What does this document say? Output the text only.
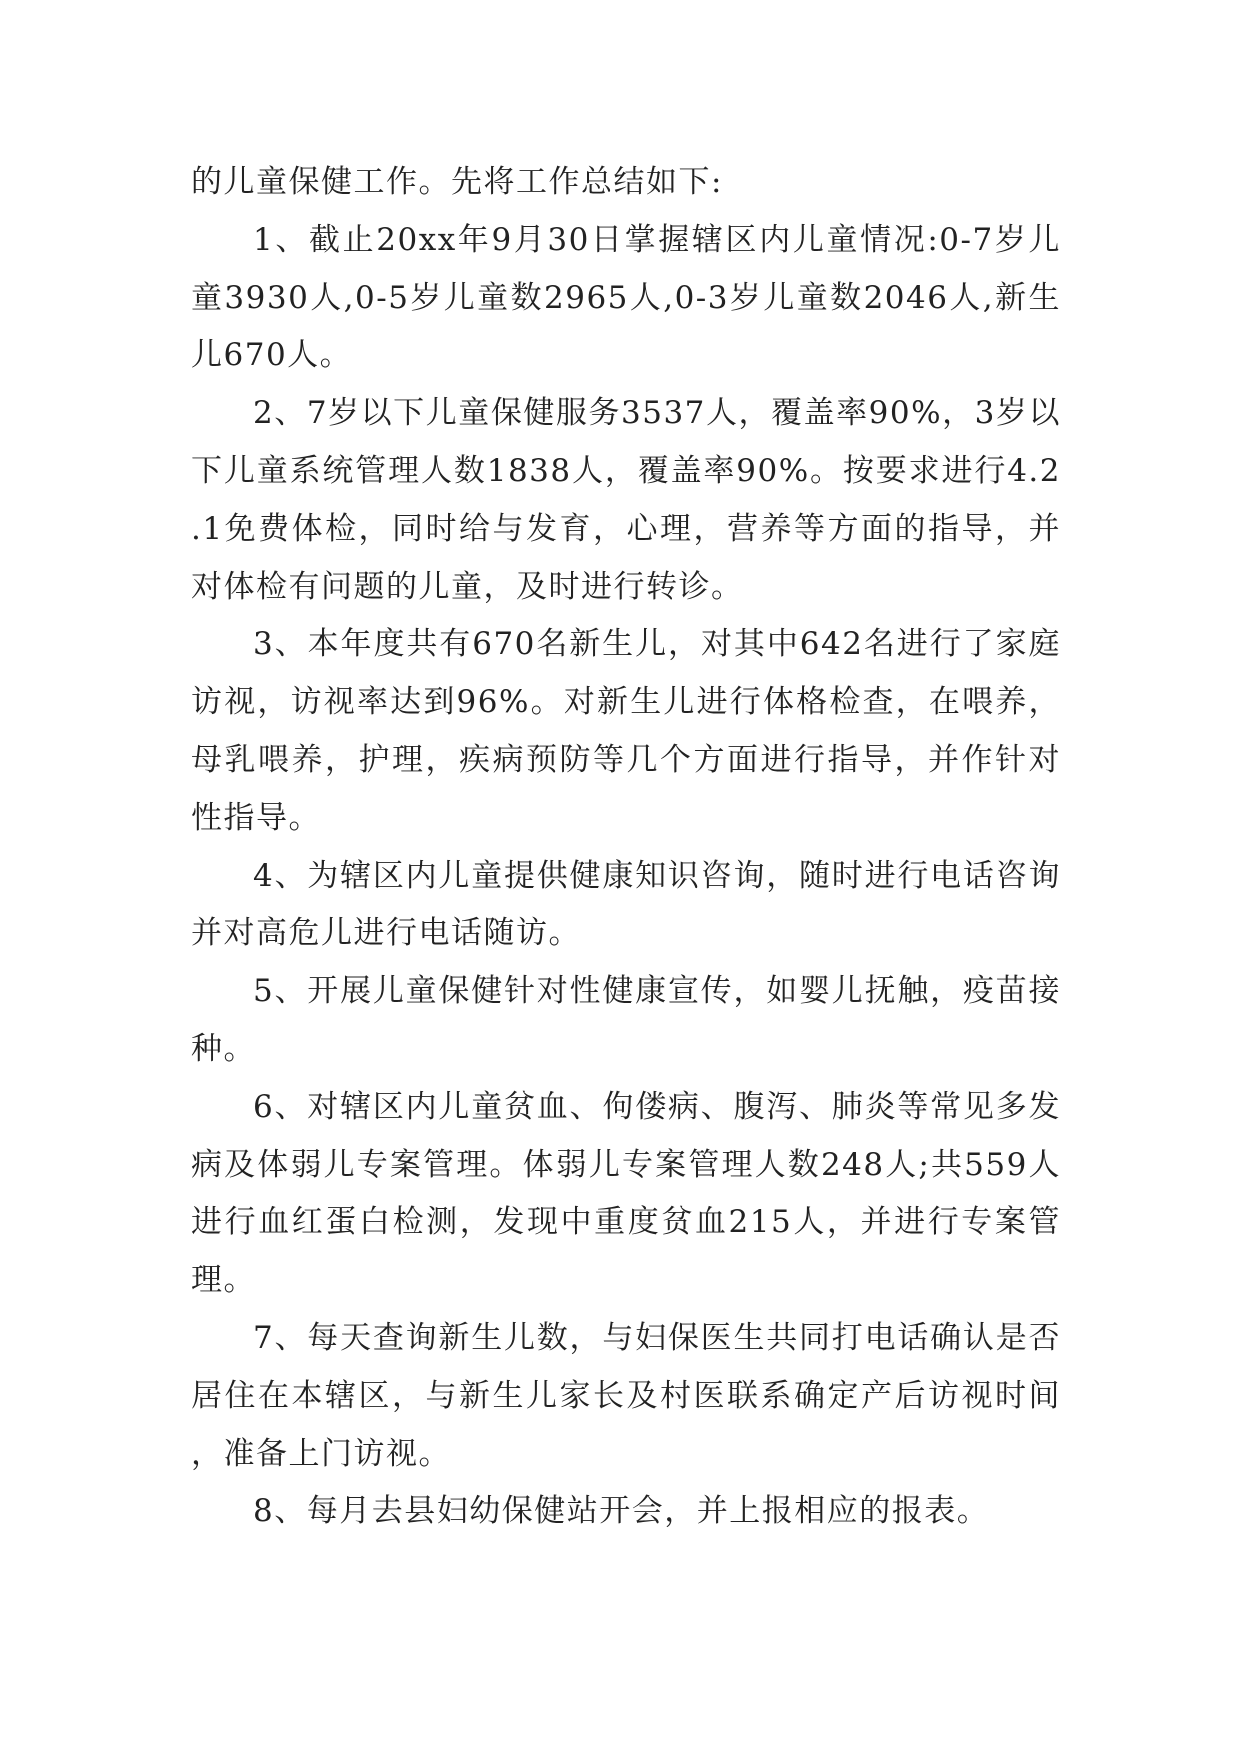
的儿童保健工作。先将工作总结如下:

1、截止20xx年9月30日掌握辖区内儿童情况:0-7岁儿童3930人,0-5岁儿童数2965人,0-3岁儿童数2046人,新生儿670人。

2、7岁以下儿童保健服务3537人，覆盖率90%，3岁以下儿童系统管理人数1838人，覆盖率90%。按要求进行4.2.1免费体检，同时给与发育，心理，营养等方面的指导，并对体检有问题的儿童，及时进行转诊。

3、本年度共有670名新生儿，对其中642名进行了家庭访视，访视率达到96%。对新生儿进行体格检查，在喂养，母乳喂养，护理，疾病预防等几个方面进行指导，并作针对性指导。

4、为辖区内儿童提供健康知识咨询，随时进行电话咨询并对高危儿进行电话随访。

5、开展儿童保健针对性健康宣传，如婴儿抚触，疫苗接种。

6、对辖区内儿童贫血、佝偻病、腹泻、肺炎等常见多发病及体弱儿专案管理。体弱儿专案管理人数248人;共559人进行血红蛋白检测，发现中重度贫血215人，并进行专案管理。

7、每天查询新生儿数，与妇保医生共同打电话确认是否居住在本辖区，与新生儿家长及村医联系确定产后访视时间，准备上门访视。

8、每月去县妇幼保健站开会，并上报相应的报表。
